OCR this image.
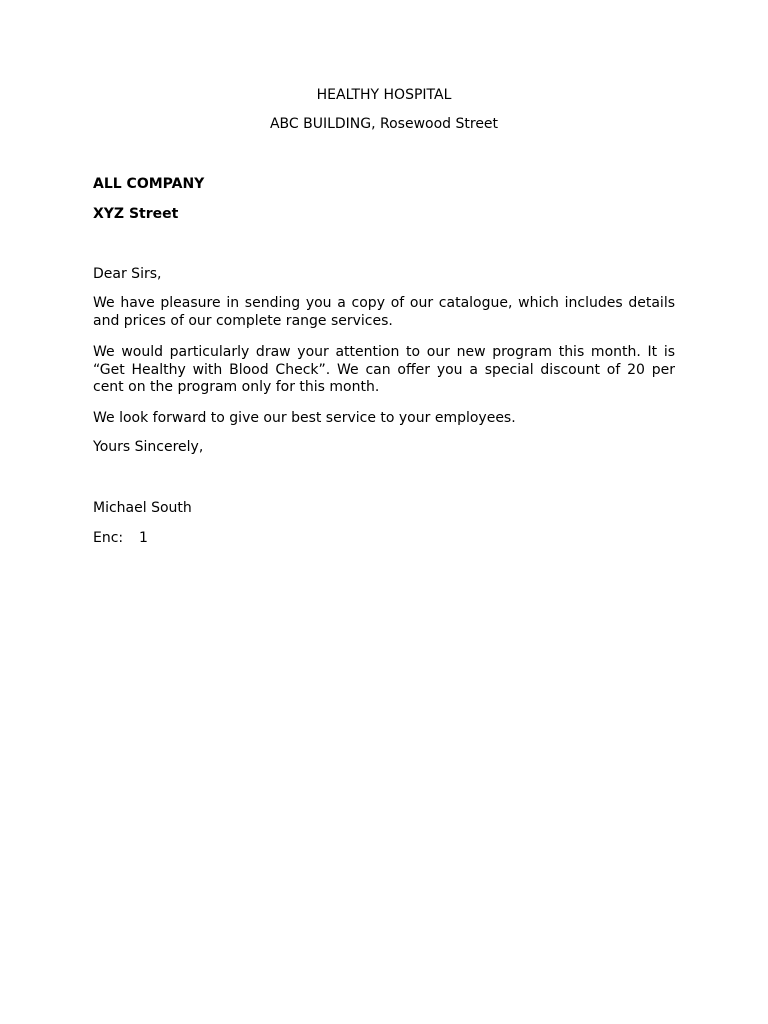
HEALTHY HOSPITAL
ABC BUILDING, Rosewood Street
ALL COMPANY
XYZ Street
Dear Sirs,
We have pleasure in sending you a copy of our catalogue, which includes details and prices of our complete range services.
We would particularly draw your attention to our new program this month. It is “Get Healthy with Blood Check”. We can offer you a special discount of 20 per cent on the program only for this month.
We look forward to give our best service to your employees.
Yours Sincerely,
Michael South
Enc: 1
